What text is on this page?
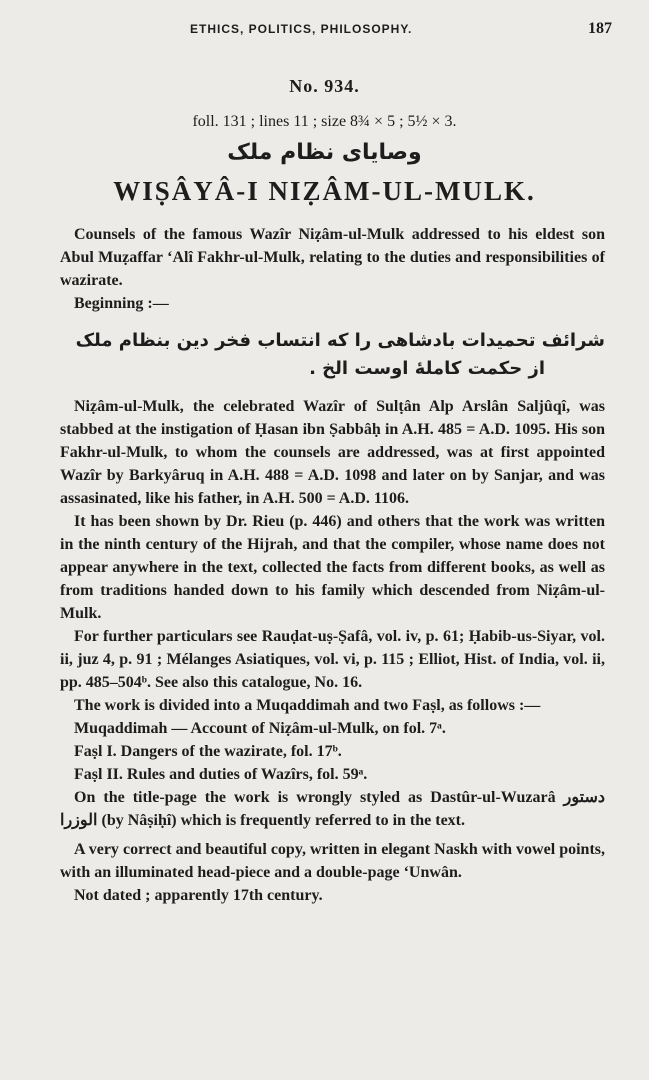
ETHICS, POLITICS, PHILOSOPHY.	187
No. 934.
foll. 131 ; lines 11 ; size 8¾ × 5 ; 5½ × 3.
وصایای نظام ملک
WIṢÂYÂ-I NIẒÂM-UL-MULK.

Counsels of the famous Wazîr Niẓâm-ul-Mulk addressed to his eldest son Abul Muẓaffar ‘Alî Fakhr-ul-Mulk, relating to the duties and responsibilities of wazirate.

Beginning :—

شرائف تحمیدات بادشاهی را که انتساب فخر دین بنظام ملک
از حکمت کاملهٔ اوست الخ .

Niẓâm-ul-Mulk, the celebrated Wazîr of Sulṭân Alp Arslân Saljûqî, was stabbed at the instigation of Ḥasan ibn Ṣabbâḥ in A.H. 485 = A.D. 1095. His son Fakhr-ul-Mulk, to whom the counsels are addressed, was at first appointed Wazîr by Barkyâruq in A.H. 488 = A.D. 1098 and later on by Sanjar, and was assasinated, like his father, in A.H. 500 = A.D. 1106.

It has been shown by Dr. Rieu (p. 446) and others that the work was written in the ninth century of the Hijrah, and that the compiler, whose name does not appear anywhere in the text, collected the facts from different books, as well as from traditions handed down to his family which descended from Niẓâm-ul-Mulk.

For further particulars see Rauḍat-uṣ-Ṣafâ, vol. iv, p. 61; Ḥabib-us-Siyar, vol. ii, juz 4, p. 91 ; Mélanges Asiatiques, vol. vi, p. 115 ; Elliot, Hist. of India, vol. ii, pp. 485–504ᵇ. See also this catalogue, No. 16.

The work is divided into a Muqaddimah and two Faṣl, as follows :—

Muqaddimah — Account of Niẓâm-ul-Mulk, on fol. 7ᵃ.

Faṣl I. Dangers of the wazirate, fol. 17ᵇ.

Faṣl II. Rules and duties of Wazîrs, fol. 59ᵃ.

On the title-page the work is wrongly styled as Dastûr-ul-Wuzarâ دستور الوزرا (by Nâṣiḥî) which is frequently referred to in the text.

A very correct and beautiful copy, written in elegant Naskh with vowel points, with an illuminated head-piece and a double-page ‘Unwân.

Not dated ; apparently 17th century.
